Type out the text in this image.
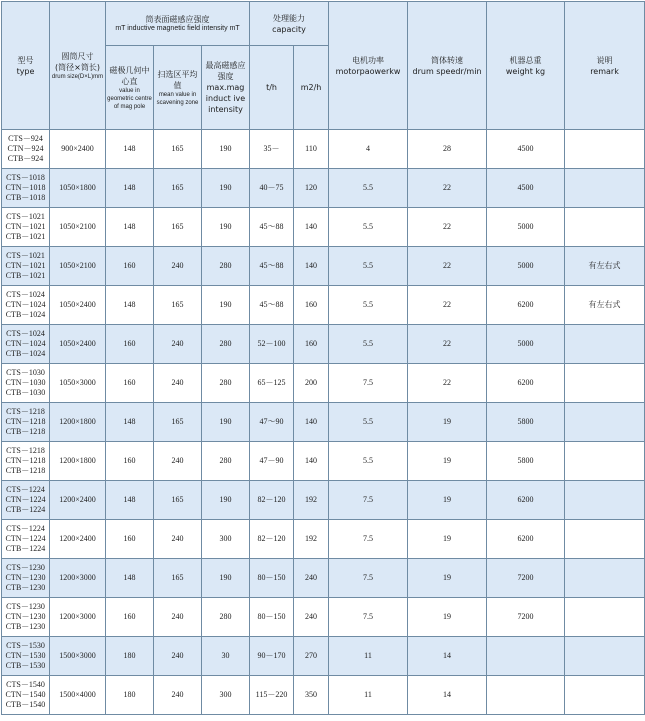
型号
type	圆筒尺寸
(筒径×筒长)
drum size(D×L)mm	筒表面磁感应强度
mT inductive magnetic field intensity mT			处理能力
capacity		电机功率
motorpaowerkw	筒体转速
drum speedr/min	机器总重
weight kg	说明
remark

		磁极几何中心直
value in geometric centre of mag pole	扫选区平均值
mean value in scavening zone	最高磁感应强度
max.mag induct ive intensity	t/h	m2/h				

CTS－924
CTN－924
CTB－924	900×2400	148	165	190	35－	110	4	28	4500	

CTS－1018
CTN－1018
CTB－1018	1050×1800	148	165	190	40－75	120	5.5	22	4500	

CTS－1021
CTN－1021
CTB－1021	1050×2100	148	165	190	45～88	140	5.5	22	5000	

CTS－1021
CTN－1021
CTB－1021	1050×2100	160	240	280	45～88	140	5.5	22	5000	有左右式

CTS－1024
CTN－1024
CTB－1024	1050×2400	148	165	190	45～88	160	5.5	22	6200	有左右式

CTS－1024
CTN－1024
CTB－1024	1050×2400	160	240	280	52－100	160	5.5	22	5000	

CTS－1030
CTN－1030
CTB－1030	1050×3000	160	240	280	65－125	200	7.5	22	6200	

CTS－1218
CTN－1218
CTB－1218	1200×1800	148	165	190	47～90	140	5.5	19	5800	

CTS－1218
CTN－1218
CTB－1218	1200×1800	160	240	280	47－90	140	5.5	19	5800	

CTS－1224
CTN－1224
CTB－1224	1200×2400	148	165	190	82－120	192	7.5	19	6200	

CTS－1224
CTN－1224
CTB－1224	1200×2400	160	240	300	82－120	192	7.5	19	6200	

CTS－1230
CTN－1230
CTB－1230	1200×3000	148	165	190	80－150	240	7.5	19	7200	

CTS－1230
CTN－1230
CTB－1230	1200×3000	160	240	280	80－150	240	7.5	19	7200	

CTS－1530
CTN－1530
CTB－1530	1500×3000	180	240	30	90－170	270	11	14		

CTS－1540
CTN－1540
CTB－1540	1500×4000	180	240	300	115－220	350	11	14		
